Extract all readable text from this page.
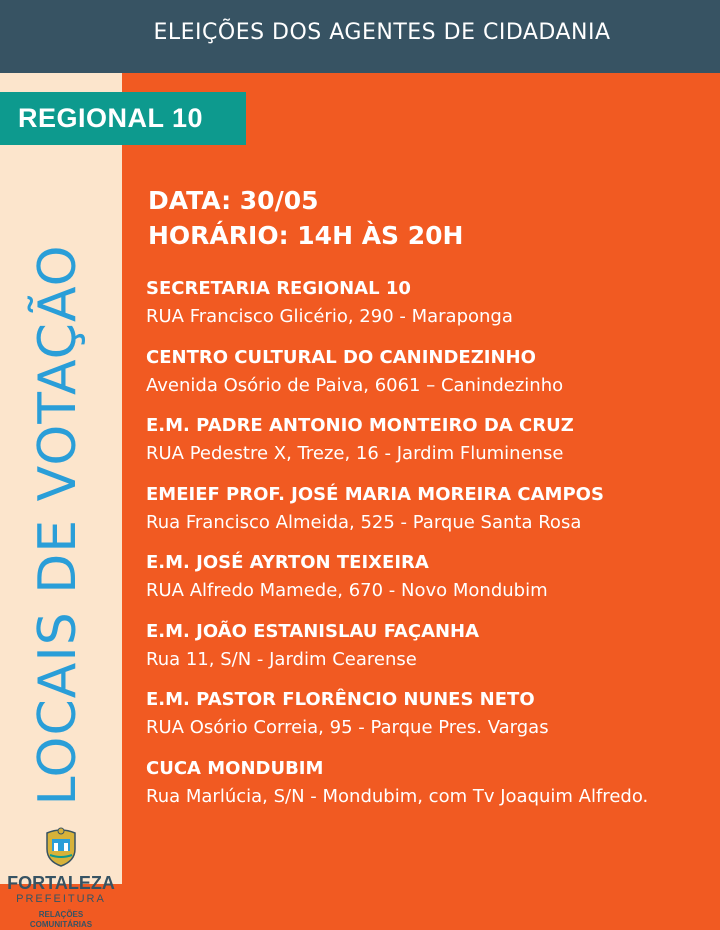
ELEIÇÕES DOS AGENTES DE CIDADANIA
LOCAIS DE VOTAÇÃO
FORTALEZA
PREFEITURA
RELAÇÕES
COMUNITÁRIAS
REGIONAL 10
DATA: 30/05
HORÁRIO: 14H ÀS 20H
SECRETARIA REGIONAL 10
RUA Francisco Glicério, 290 - Maraponga
CENTRO CULTURAL DO CANINDEZINHO
Avenida Osório de Paiva, 6061 – Canindezinho
E.M. PADRE ANTONIO MONTEIRO DA CRUZ
RUA Pedestre X, Treze, 16 - Jardim Fluminense
EMEIEF PROF. JOSÉ MARIA MOREIRA CAMPOS
Rua Francisco Almeida, 525 - Parque Santa Rosa
E.M. JOSÉ AYRTON TEIXEIRA
RUA Alfredo Mamede, 670 - Novo Mondubim
E.M. JOÃO ESTANISLAU FAÇANHA
Rua 11, S/N - Jardim Cearense
E.M. PASTOR FLORÊNCIO NUNES NETO
RUA Osório Correia, 95 - Parque Pres. Vargas
CUCA MONDUBIM
Rua Marlúcia, S/N - Mondubim, com Tv Joaquim Alfredo.
